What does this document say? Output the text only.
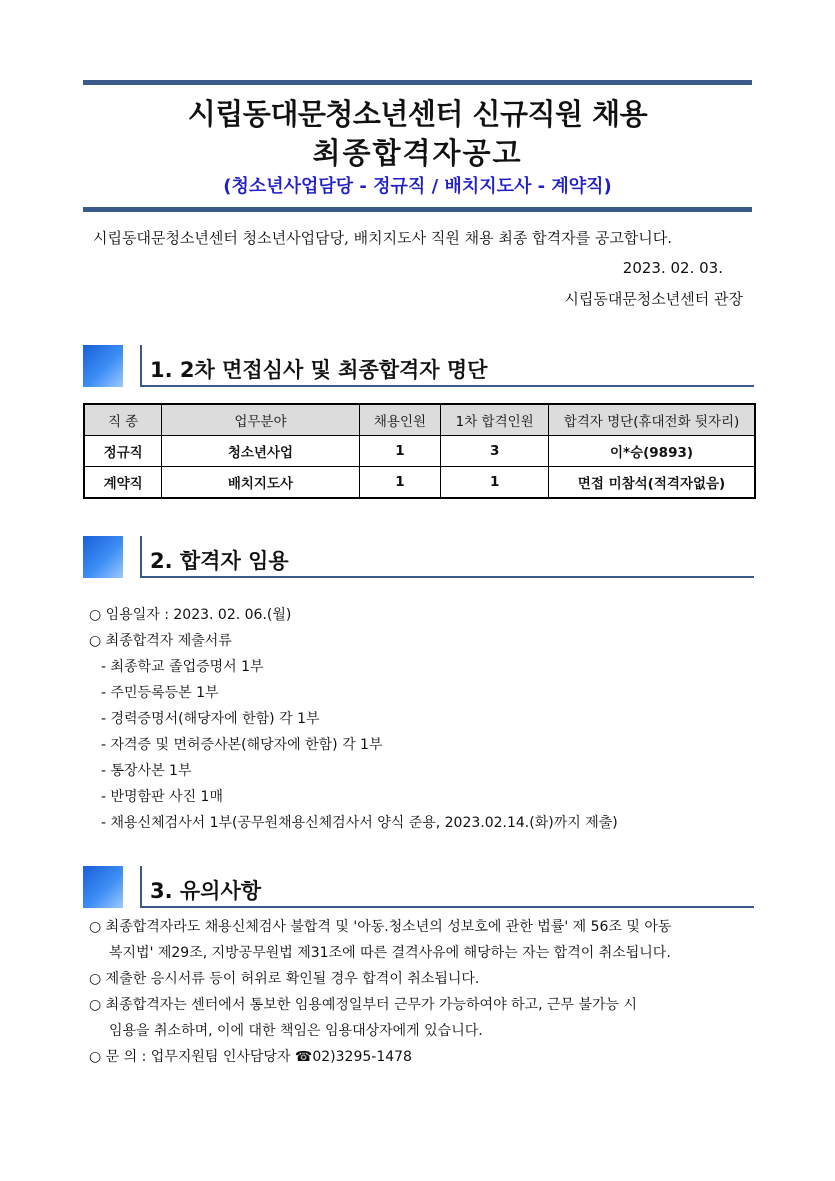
시립동대문청소년센터 신규직원 채용
최종합격자공고
(청소년사업담당 - 정규직 / 배치지도사 - 계약직)
시립동대문청소년센터 청소년사업담당, 배치지도사 직원 채용 최종 합격자를 공고합니다.
2023. 02. 03.
시립동대문청소년센터 관장
1. 2차 면접심사 및 최종합격자 명단
직 종	업무분야	채용인원	1차 합격인원	합격자 명단(휴대전화 뒷자리)
정규직	청소년사업	1	3	이*승(9893)
계약직	배치지도사	1	1	면접 미참석(적격자없음)
2. 합격자 임용
○ 임용일자 : 2023. 02. 06.(월)
○ 최종합격자 제출서류
- 최종학교 졸업증명서 1부
- 주민등록등본 1부
- 경력증명서(해당자에 한함) 각 1부
- 자격증 및 면허증사본(해당자에 한함) 각 1부
- 통장사본 1부
- 반명함판 사진 1매
- 채용신체검사서 1부(공무원채용신체검사서 양식 준용, 2023.02.14.(화)까지 제출)
3. 유의사항
○ 최종합격자라도 채용신체검사 불합격 및 '아동.청소년의 성보호에 관한 법률' 제 56조 및 아동
복지법' 제29조, 지방공무원법 제31조에 따른 결격사유에 해당하는 자는 합격이 취소됩니다.
○ 제출한 응시서류 등이 허위로 확인될 경우 합격이 취소됩니다.
○ 최종합격자는 센터에서 통보한 임용예정일부터 근무가 가능하여야 하고, 근무 불가능 시
임용을 취소하며, 이에 대한 책임은 임용대상자에게 있습니다.
○ 문 의 : 업무지원팀 인사담당자 ☎02)3295-1478
